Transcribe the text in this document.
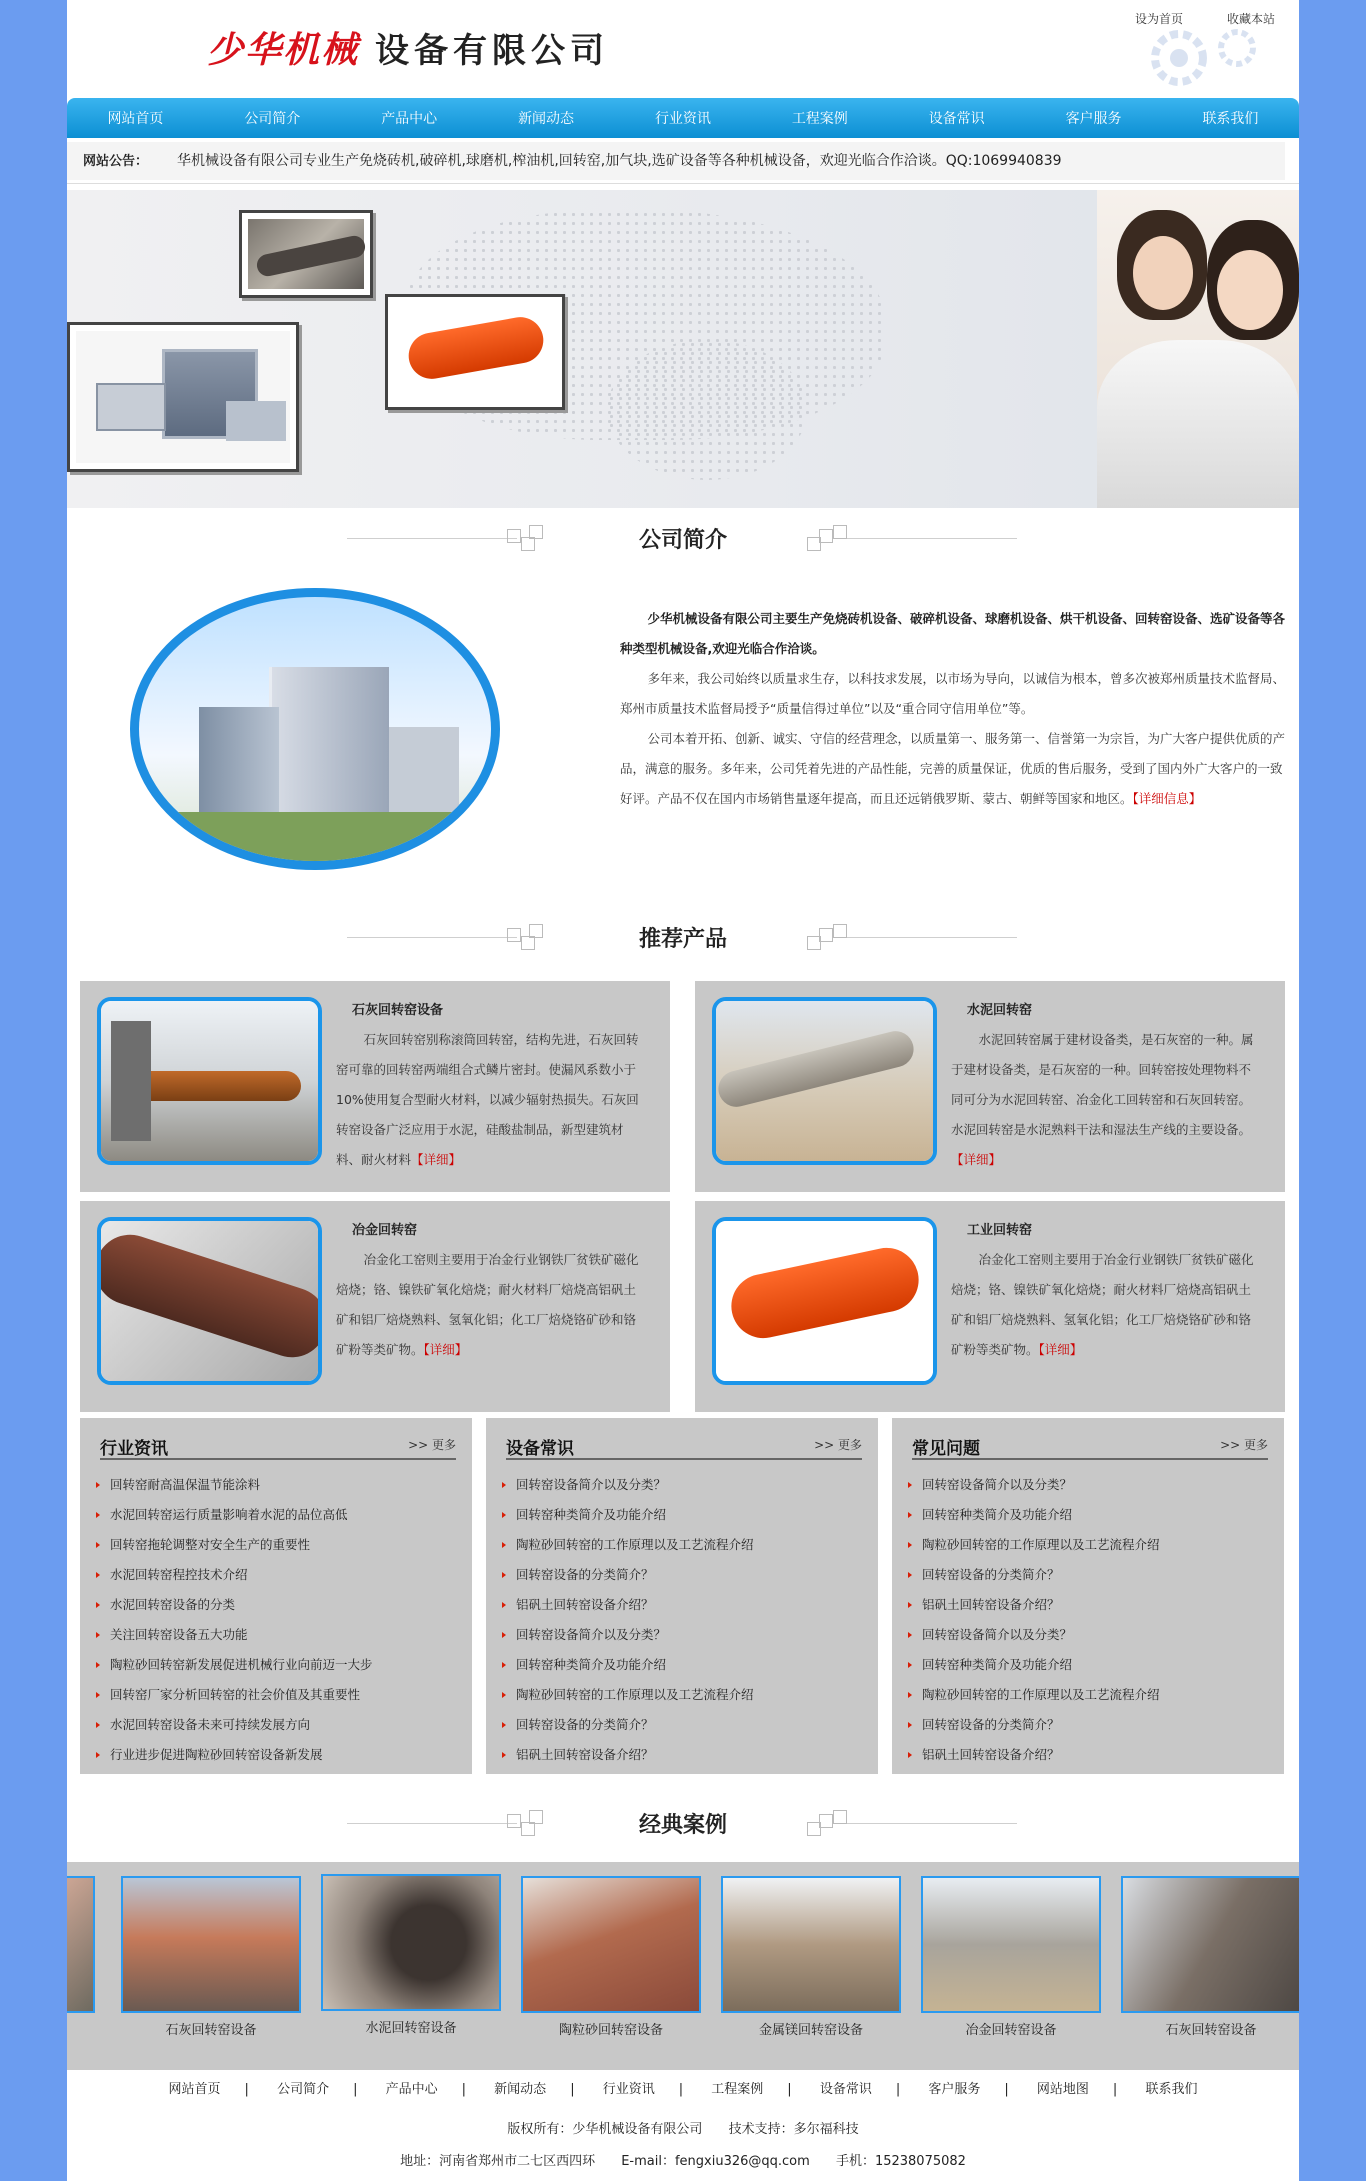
少华机械 设备有限公司
设为首页	收藏本站
网站首页	公司简介	产品中心	新闻动态	行业资讯	工程案例	设备常识	客户服务	联系我们
网站公告： 华机械设备有限公司专业生产免烧砖机,破碎机,球磨机,榨油机,回转窑,加气块,选矿设备等各种机械设备，欢迎光临合作洽谈。QQ:1069940839
公司简介

少华机械设备有限公司主要生产免烧砖机设备、破碎机设备、球磨机设备、烘干机设备、回转窑设备、选矿设备等各种类型机械设备,欢迎光临合作洽谈。

多年来，我公司始终以质量求生存，以科技求发展，以市场为导向，以诚信为根本，曾多次被郑州质量技术监督局、郑州市质量技术监督局授予“质量信得过单位”以及“重合同守信用单位”等。

公司本着开拓、创新、诚实、守信的经营理念，以质量第一、服务第一、信誉第一为宗旨，为广大客户提供优质的产品，满意的服务。多年来，公司凭着先进的产品性能，完善的质量保证，优质的售后服务，受到了国内外广大客户的一致好评。产品不仅在国内市场销售量逐年提高，而且还远销俄罗斯、蒙古、朝鲜等国家和地区。【详细信息】

推荐产品
石灰回转窑设备
石灰回转窑别称滚筒回转窑，结构先进，石灰回转窑可靠的回转窑两端组合式鳞片密封。使漏风系数小于10%使用复合型耐火材料，以减少辐射热损失。石灰回转窑设备广泛应用于水泥，硅酸盐制品，新型建筑材料、耐火材料【详细】
水泥回转窑
水泥回转窑属于建材设备类，是石灰窑的一种。属于建材设备类，是石灰窑的一种。回转窑按处理物料不同可分为水泥回转窑、冶金化工回转窑和石灰回转窑。水泥回转窑是水泥熟料干法和湿法生产线的主要设备。【详细】
冶金回转窑
冶金化工窑则主要用于冶金行业钢铁厂贫铁矿磁化焙烧；铬、镍铁矿氧化焙烧；耐火材料厂焙烧高铝矾土矿和铝厂焙烧熟料、氢氧化铝；化工厂焙烧铬矿砂和铬矿粉等类矿物。【详细】
工业回转窑
冶金化工窑则主要用于冶金行业钢铁厂贫铁矿磁化焙烧；铬、镍铁矿氧化焙烧；耐火材料厂焙烧高铝矾土矿和铝厂焙烧熟料、氢氧化铝；化工厂焙烧铬矿砂和铬矿粉等类矿物。【详细】
行业资讯	>> 更多
回转窑耐高温保温节能涂料
水泥回转窑运行质量影响着水泥的品位高低
回转窑拖轮调整对安全生产的重要性
水泥回转窑程控技术介绍
水泥回转窑设备的分类
关注回转窑设备五大功能
陶粒砂回转窑新发展促进机械行业向前迈一大步
回转窑厂家分析回转窑的社会价值及其重要性
水泥回转窑设备未来可持续发展方向
行业进步促进陶粒砂回转窑设备新发展
设备常识	>> 更多
回转窑设备简介以及分类？
回转窑种类简介及功能介绍
陶粒砂回转窑的工作原理以及工艺流程介绍
回转窑设备的分类简介？
铝矾土回转窑设备介绍？
回转窑设备简介以及分类？
回转窑种类简介及功能介绍
陶粒砂回转窑的工作原理以及工艺流程介绍
回转窑设备的分类简介？
铝矾土回转窑设备介绍？
常见问题	>> 更多
回转窑设备简介以及分类？
回转窑种类简介及功能介绍
陶粒砂回转窑的工作原理以及工艺流程介绍
回转窑设备的分类简介？
铝矾土回转窑设备介绍？
回转窑设备简介以及分类？
回转窑种类简介及功能介绍
陶粒砂回转窑的工作原理以及工艺流程介绍
回转窑设备的分类简介？
铝矾土回转窑设备介绍？
经典案例
石灰回转窑设备	水泥回转窑设备	陶粒砂回转窑设备	金属镁回转窑设备	冶金回转窑设备	石灰回转窑设备
网站首页 | 公司简介 | 产品中心 | 新闻动态 | 行业资讯 | 工程案例 | 设备常识 | 客户服务 | 网站地图 | 联系我们
版权所有：少华机械设备有限公司 技术支持：多尔福科技
地址：河南省郑州市二七区西四环 E-mail：fengxiu326@qq.com 手机：15238075082
